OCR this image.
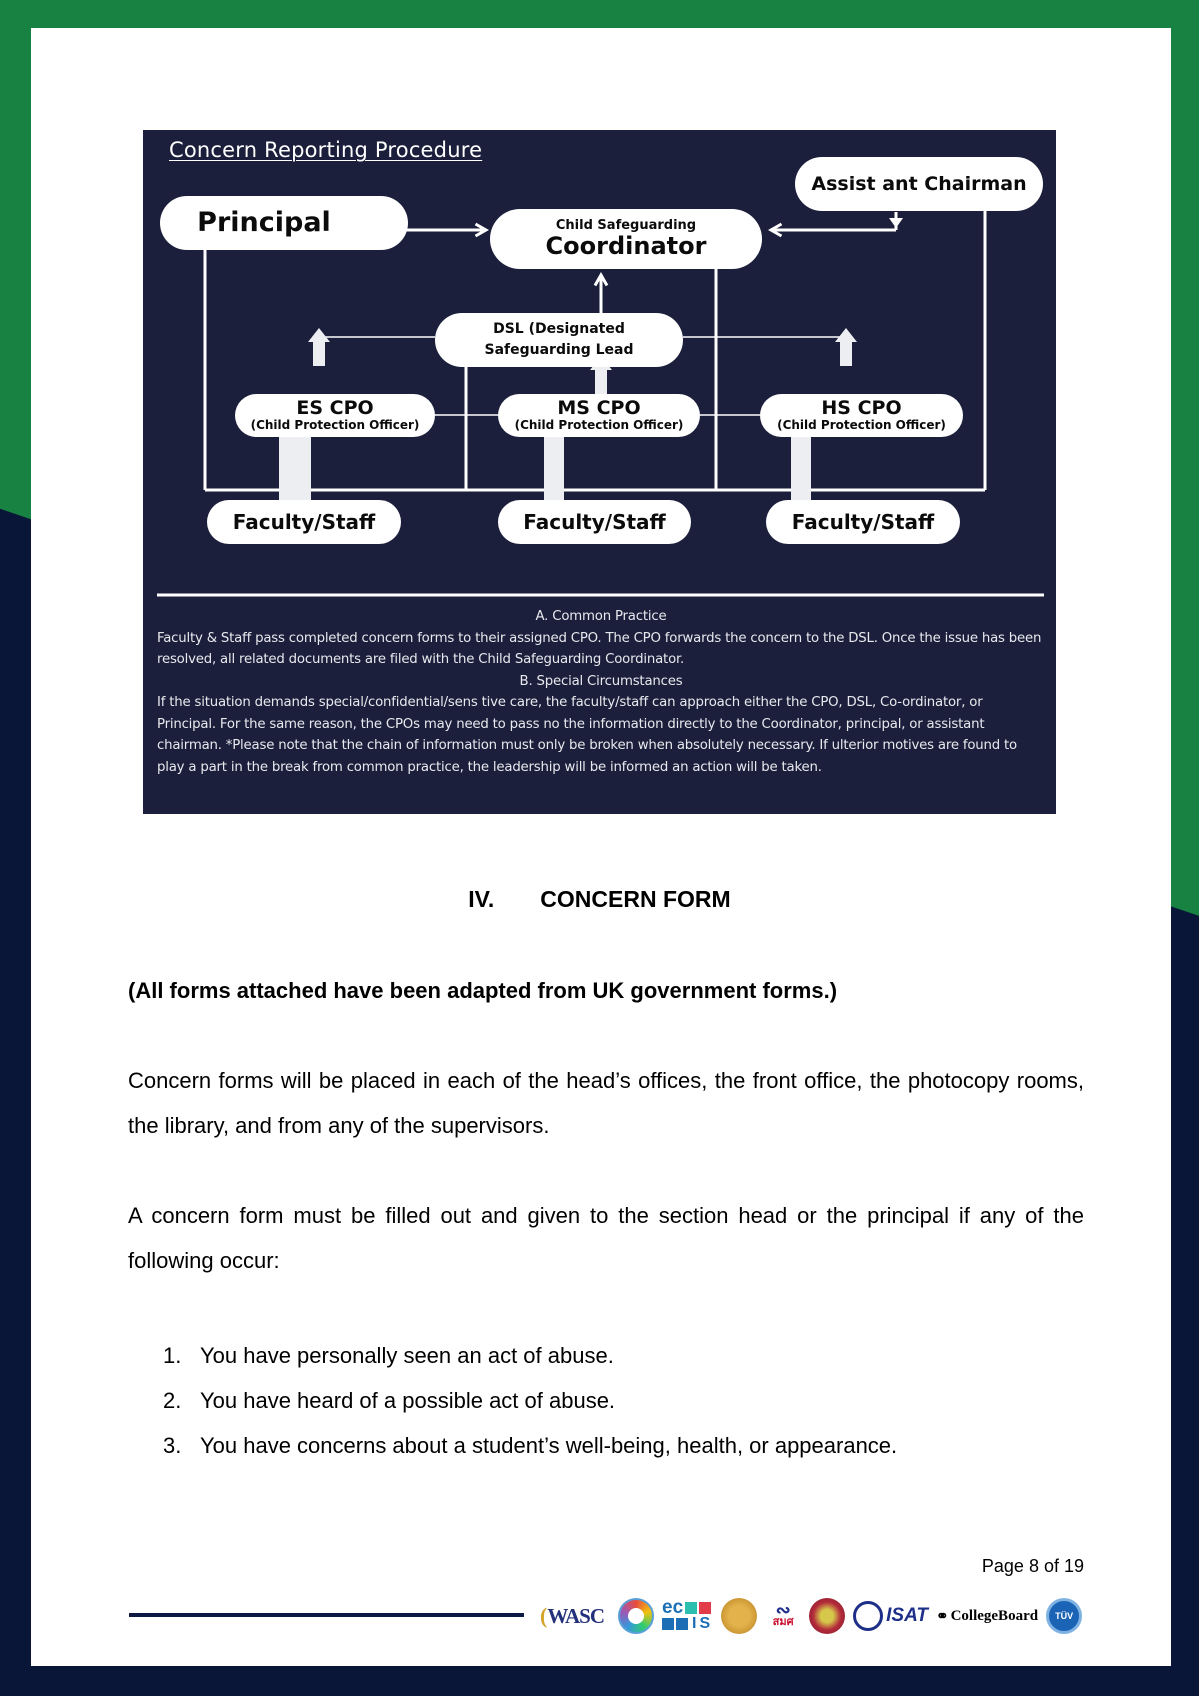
Concern Reporting Procedure
Principal	Child Safeguarding
Coordinator
Assist ant Chairman
DSL (Designated
Safeguarding Lead
ES CPO
(Child Protection Officer)
MS CPO
(Child Protection Officer)
HS CPO
(Child Protection Officer)
Faculty/Staff	Faculty/Staff	Faculty/Staff
A. Common Practice

Faculty & Staff pass completed concern forms to their assigned CPO. The CPO forwards the concern to the DSL. Once the issue has been resolved, all related documents are filed with the Child Safeguarding Coordinator.

B. Special Circumstances

If the situation demands special/confidential/sens tive care, the faculty/staff can approach either the CPO, DSL, Co-ordinator, or Principal. For the same reason, the CPOs may need to pass no the information directly to the Coordinator, principal, or assistant chairman. *Please note that the chain of information must only be broken when absolutely necessary. If ulterior motives are found to play a part in the break from common practice, the leadership will be informed an action will be taken.

IV. CONCERN FORM
(All forms attached have been adapted from UK government forms.)

Concern forms will be placed in each of the head’s offices, the front office, the photocopy rooms, the library, and from any of the supervisors.

A concern form must be filled out and given to the section head or the principal if any of the following occur:

1. You have personally seen an act of abuse.
2. You have heard of a possible act of abuse.
3. You have concerns about a student’s well-being, health, or appearance.
Page 8 of 19
( WASC	ec
IS
∾
สมศ	ISAT ⚭ CollegeBoard TÜV
